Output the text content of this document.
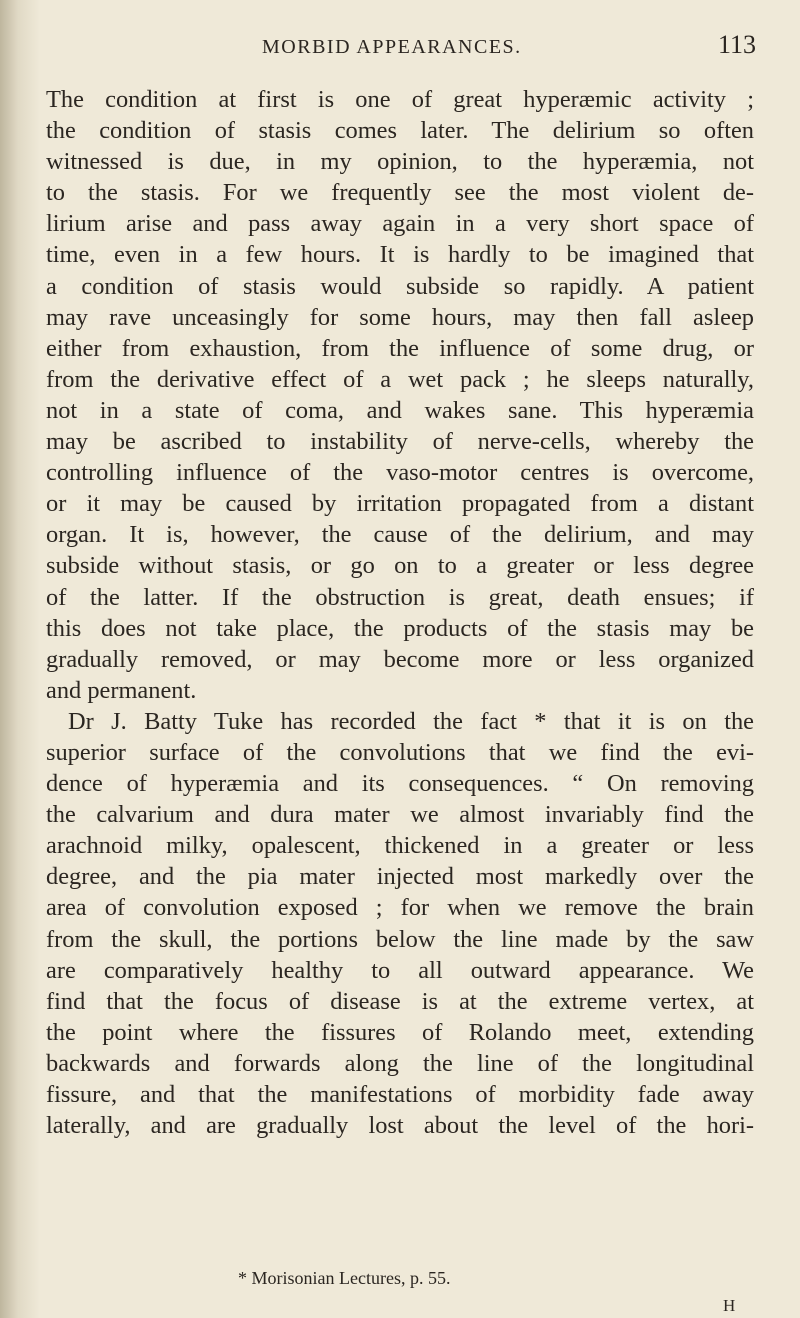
MORBID APPEARANCES.	113
The condition at first is one of great hyperæmic activity ;
the condition of stasis comes later. The delirium so often
witnessed is due, in my opinion, to the hyperæmia, not
to the stasis. For we frequently see the most violent de-
lirium arise and pass away again in a very short space of
time, even in a few hours. It is hardly to be imagined that
a condition of stasis would subside so rapidly. A patient
may rave unceasingly for some hours, may then fall asleep
either from exhaustion, from the influence of some drug, or
from the derivative effect of a wet pack ; he sleeps naturally,
not in a state of coma, and wakes sane. This hyperæmia
may be ascribed to instability of nerve-cells, whereby the
controlling influence of the vaso-motor centres is overcome,
or it may be caused by irritation propagated from a distant
organ. It is, however, the cause of the delirium, and may
subside without stasis, or go on to a greater or less degree
of the latter. If the obstruction is great, death ensues; if
this does not take place, the products of the stasis may be
gradually removed, or may become more or less organized
and permanent.
Dr J. Batty Tuke has recorded the fact * that it is on the
superior surface of the convolutions that we find the evi-
dence of hyperæmia and its consequences. “ On removing
the calvarium and dura mater we almost invariably find the
arachnoid milky, opalescent, thickened in a greater or less
degree, and the pia mater injected most markedly over the
area of convolution exposed ; for when we remove the brain
from the skull, the portions below the line made by the saw
are comparatively healthy to all outward appearance. We
find that the focus of disease is at the extreme vertex, at
the point where the fissures of Rolando meet, extending
backwards and forwards along the line of the longitudinal
fissure, and that the manifestations of morbidity fade away
laterally, and are gradually lost about the level of the hori-
* Morisonian Lectures, p. 55.
H
